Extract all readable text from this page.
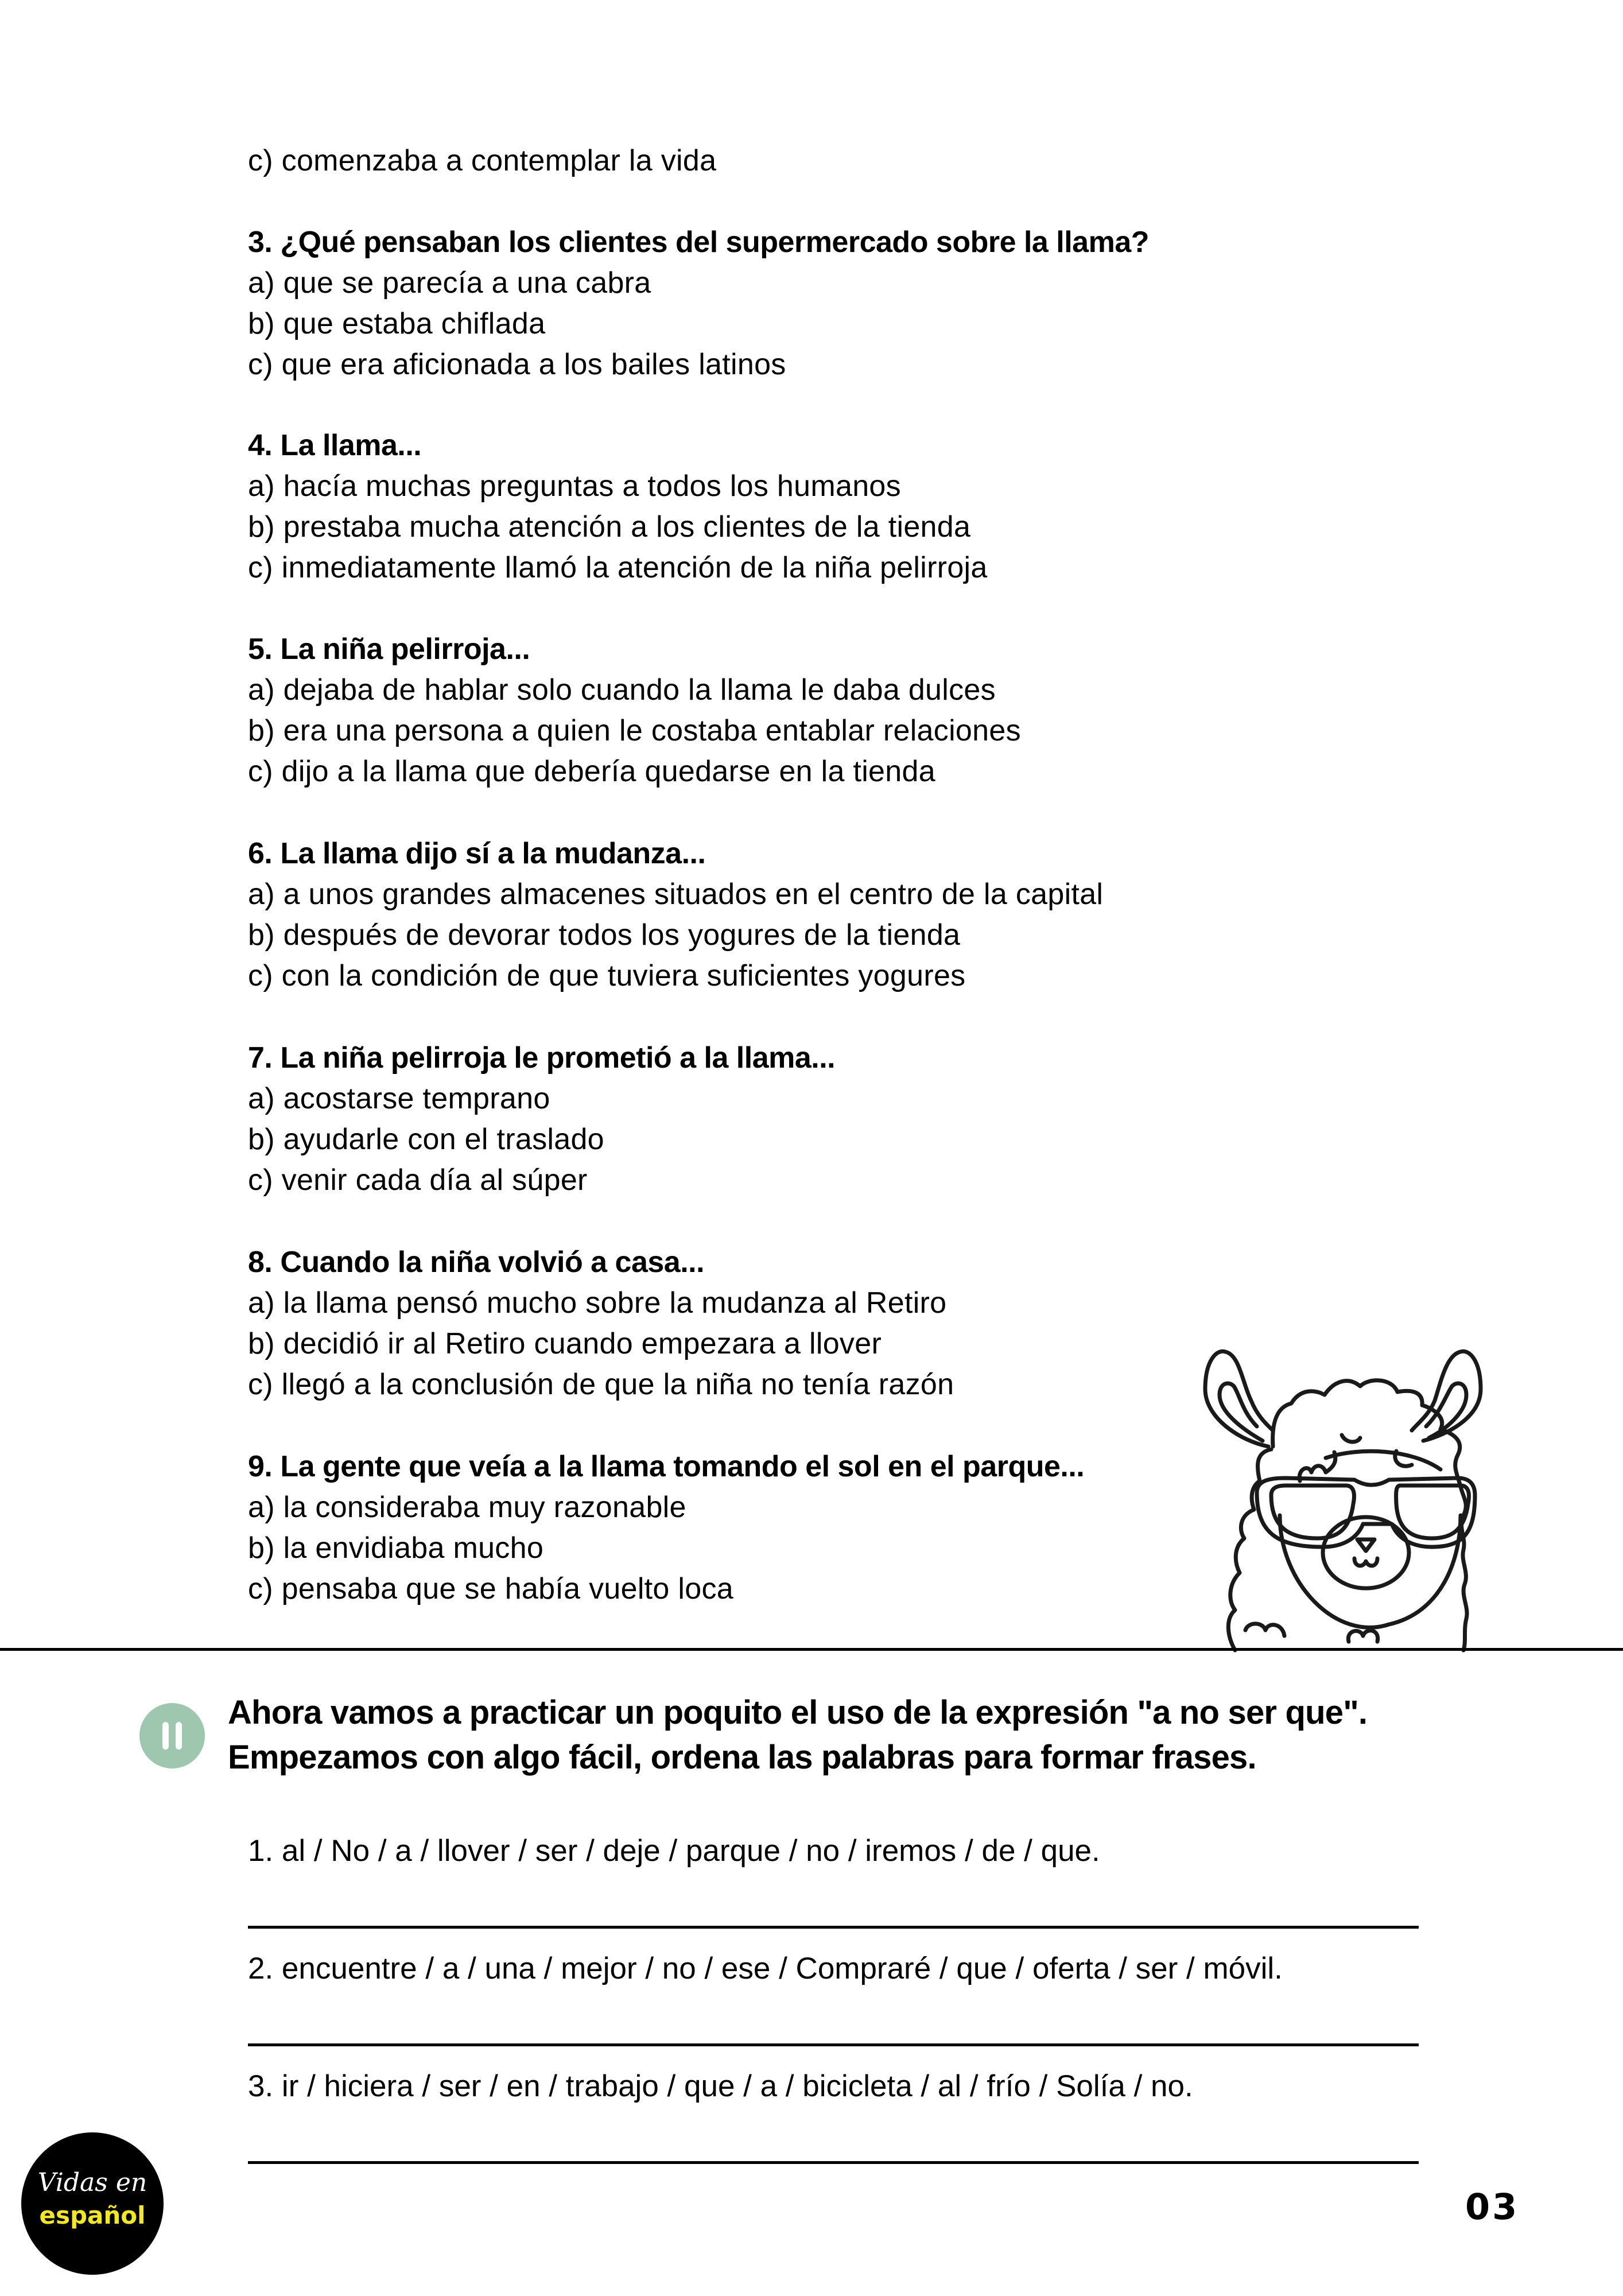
c) comenzaba a contemplar la vida
3. ¿Qué pensaban los clientes del supermercado sobre la llama?
a) que se parecía a una cabra
b) que estaba chiflada
c) que era aficionada a los bailes latinos
4. La llama...
a) hacía muchas preguntas a todos los humanos
b) prestaba mucha atención a los clientes de la tienda
c) inmediatamente llamó la atención de la niña pelirroja
5. La niña pelirroja...
a) dejaba de hablar solo cuando la llama le daba dulces
b) era una persona a quien le costaba entablar relaciones
c) dijo a la llama que debería quedarse en la tienda
6. La llama dijo sí a la mudanza...
a) a unos grandes almacenes situados en el centro de la capital
b) después de devorar todos los yogures de la tienda
c) con la condición de que tuviera suficientes yogures
7. La niña pelirroja le prometió a la llama...
a) acostarse temprano
b) ayudarle con el traslado
c) venir cada día al súper
8. Cuando la niña volvió a casa...
a) la llama pensó mucho sobre la mudanza al Retiro
b) decidió ir al Retiro cuando empezara a llover
c) llegó a la conclusión de que la niña no tenía razón
9. La gente que veía a la llama tomando el sol en el parque...
a) la consideraba muy razonable
b) la envidiaba mucho
c) pensaba que se había vuelto loca
Ahora vamos a practicar un poquito el uso de la expresión "a no ser que".
Empezamos con algo fácil, ordena las palabras para formar frases.
1. al / No / a / llover / ser / deje / parque / no / iremos / de / que.
2. encuentre / a / una / mejor / no / ese / Compraré / que / oferta / ser / móvil.
3. ir / hiciera / ser / en / trabajo / que / a / bicicleta / al / frío / Solía / no.
Vidas en
español	03
